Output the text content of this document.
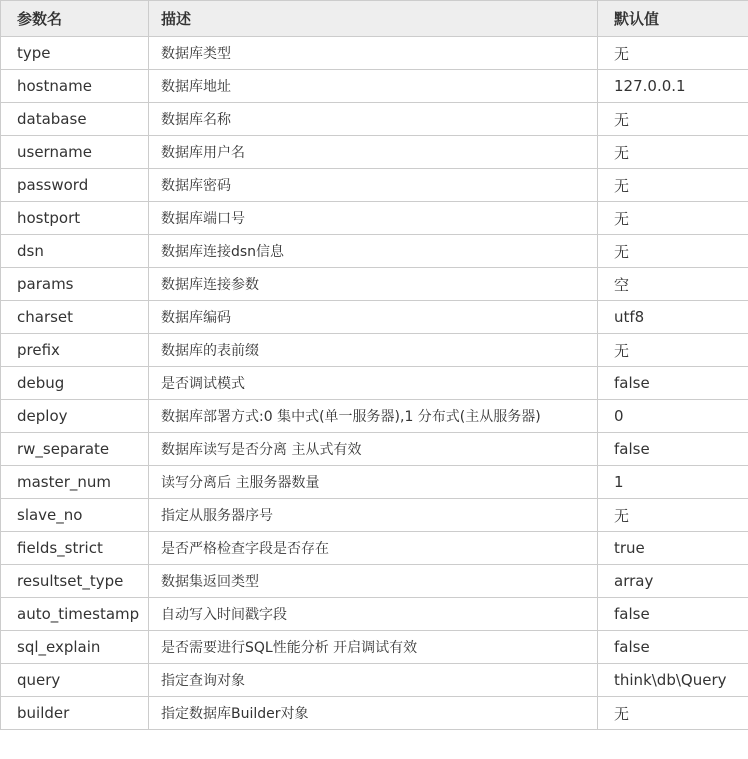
参数名	描述	默认值
type	数据库类型	无
hostname	数据库地址	127.0.0.1
database	数据库名称	无
username	数据库用户名	无
password	数据库密码	无
hostport	数据库端口号	无
dsn	数据库连接dsn信息	无
params	数据库连接参数	空
charset	数据库编码	utf8
prefix	数据库的表前缀	无
debug	是否调试模式	false
deploy	数据库部署方式:0 集中式(单一服务器),1 分布式(主从服务器)	0
rw_separate	数据库读写是否分离 主从式有效	false
master_num	读写分离后 主服务器数量	1
slave_no	指定从服务器序号	无
fields_strict	是否严格检查字段是否存在	true
resultset_type	数据集返回类型	array
auto_timestamp	自动写入时间戳字段	false
sql_explain	是否需要进行SQL性能分析 开启调试有效	false
query	指定查询对象	think\db\Query
builder	指定数据库Builder对象	无
